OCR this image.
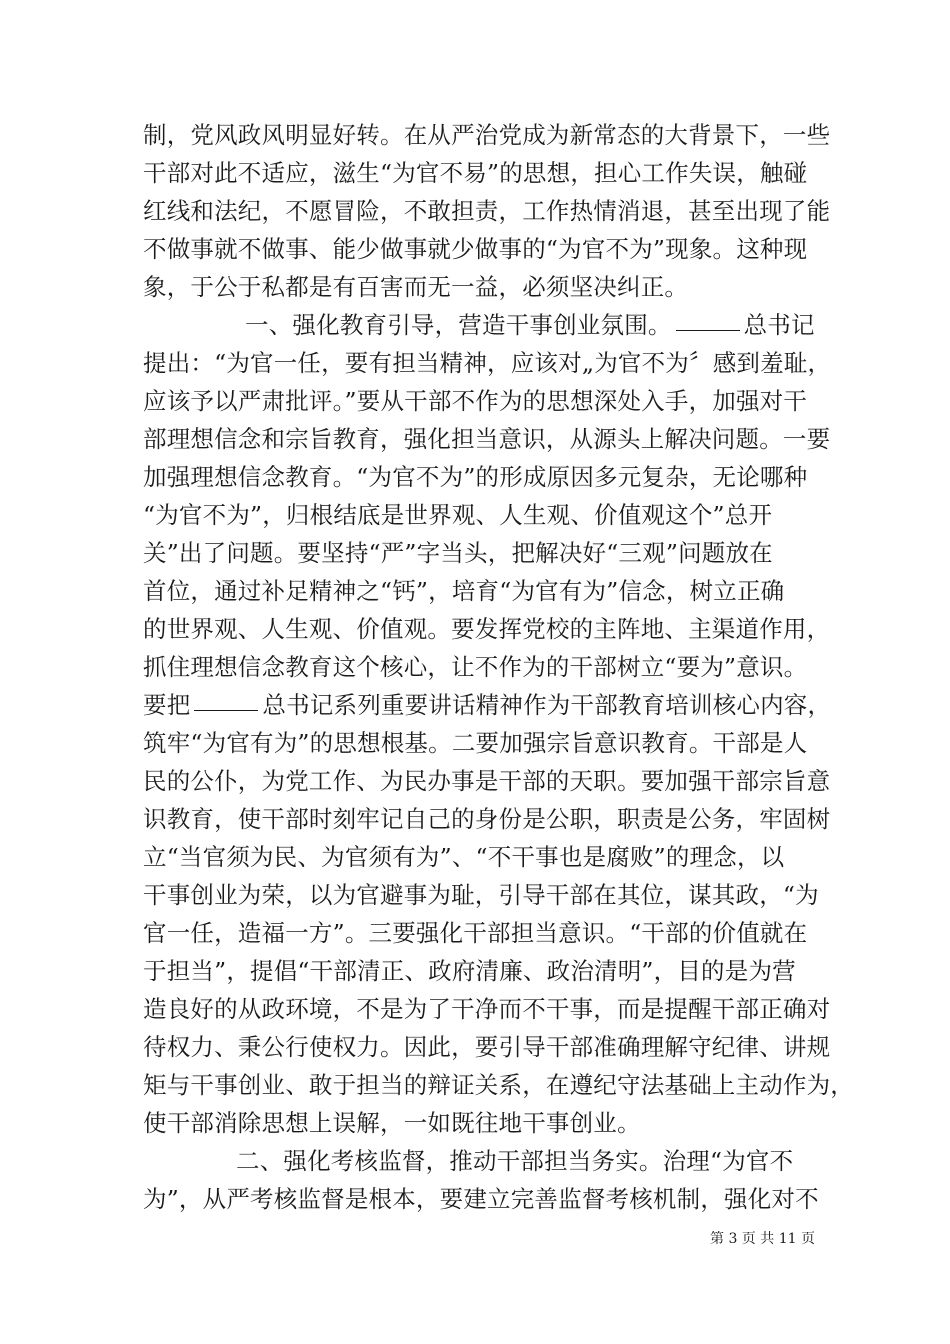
制，党风政风明显好转。在从严治党成为新常态的大背景下，一些
干部对此不适应，滋生“为官不易”的思想，担心工作失误，触碰
红线和法纪，不愿冒险，不敢担责，工作热情消退，甚至出现了能
不做事就不做事、能少做事就少做事的“为官不为”现象。这种现
象，于公于私都是有百害而无一益，必须坚决纠正。
一、强化教育引导，营造干事创业氛围。	总书记
提出：“为官一任，要有担当精神，应该对„为官不为〞感到羞耻，
应该予以严肃批评。”要从干部不作为的思想深处入手，加强对干
部理想信念和宗旨教育，强化担当意识，从源头上解决问题。一要
加强理想信念教育。“为官不为”的形成原因多元复杂，无论哪种
“为官不为”，归根结底是世界观、人生观、价值观这个”总开
关”出了问题。要坚持“严”字当头，把解决好“三观”问题放在
首位，通过补足精神之“钙”，培育“为官有为”信念，树立正确
的世界观、人生观、价值观。要发挥党校的主阵地、主渠道作用，
抓住理想信念教育这个核心，让不作为的干部树立“要为”意识。
要把	总书记系列重要讲话精神作为干部教育培训核心内容，
筑牢“为官有为”的思想根基。二要加强宗旨意识教育。干部是人
民的公仆，为党工作、为民办事是干部的天职。要加强干部宗旨意
识教育，使干部时刻牢记自己的身份是公职，职责是公务，牢固树
立“当官须为民、为官须有为”、“不干事也是腐败”的理念，以
干事创业为荣，以为官避事为耻，引导干部在其位，谋其政，“为
官一任，造福一方”。三要强化干部担当意识。“干部的价值就在
于担当”，提倡“干部清正、政府清廉、政治清明”，目的是为营
造良好的从政环境，不是为了干净而不干事，而是提醒干部正确对
待权力、秉公行使权力。因此，要引导干部准确理解守纪律、讲规
矩与干事创业、敢于担当的辩证关系，在遵纪守法基础上主动作为，
使干部消除思想上误解，一如既往地干事创业。
二、强化考核监督，推动干部担当务实。治理“为官不
为”，从严考核监督是根本，要建立完善监督考核机制，强化对不
第 3 页 共 11 页
